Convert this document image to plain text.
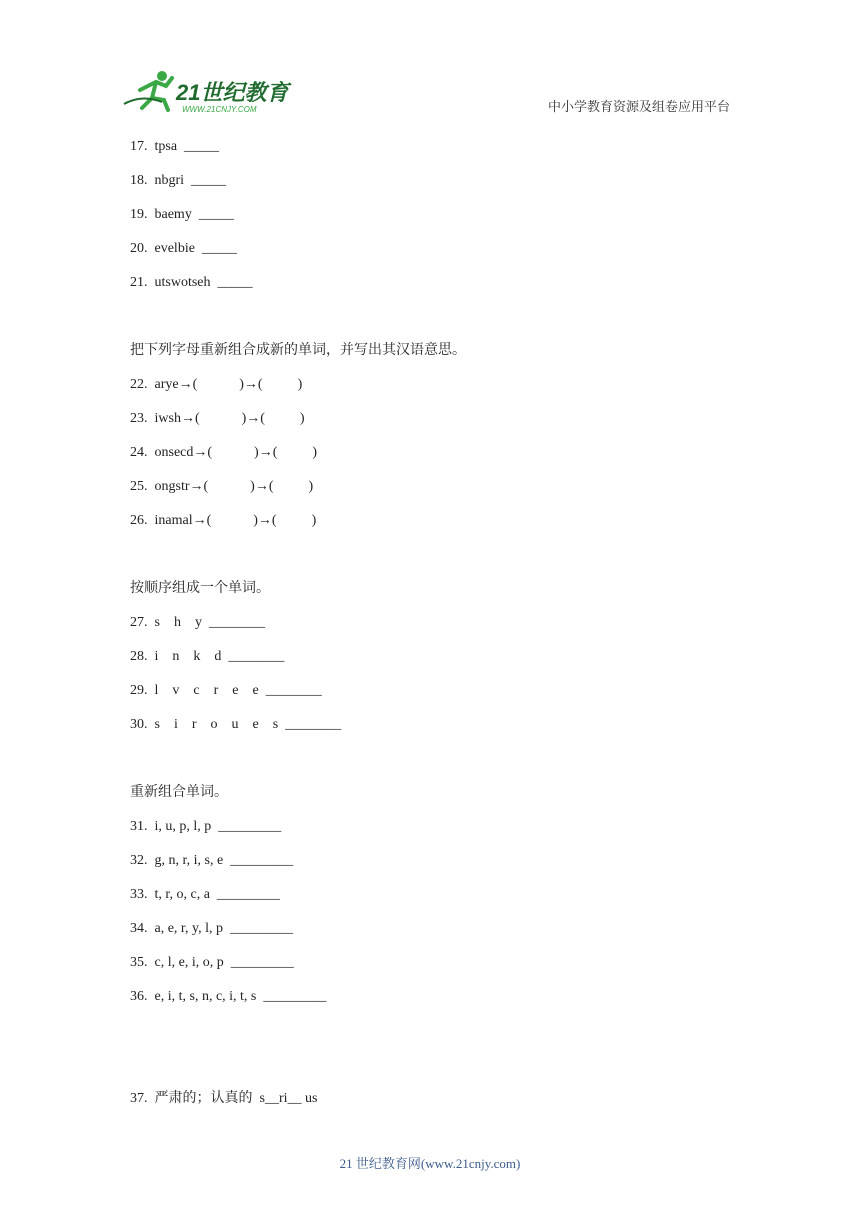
21世纪教育
WWW.21CNJY.COM	中小学教育资源及组卷应用平台
17. tpsa  _____
18. nbgri  _____
19. baemy  _____
20. evelbie  _____
21. utswotseh  _____
把下列字母重新组合成新的单词，并写出其汉语意思。
22. arye→(            )→(          )
23. iwsh→(            )→(          )
24. onsecd→(            )→(          )
25. ongstr→(            )→(          )
26. inamal→(            )→(          )
按顺序组成一个单词。
27. s    h    y  ________
28. i    n    k    d  ________
29. l    v    c    r    e    e  ________
30. s    i    r    o    u    e    s  ________
重新组合单词。
31. i, u, p, l, p  _________
32. g, n, r, i, s, e  _________
33. t, r, o, c, a  _________
34. a, e, r, y, l, p  _________
35. c, l, e, i, o, p  _________
36. e, i, t, s, n, c, i, t, s  _________
37. 严肃的；认真的  s__ri__ us
21 世纪教育网(www.21cnjy.com)
